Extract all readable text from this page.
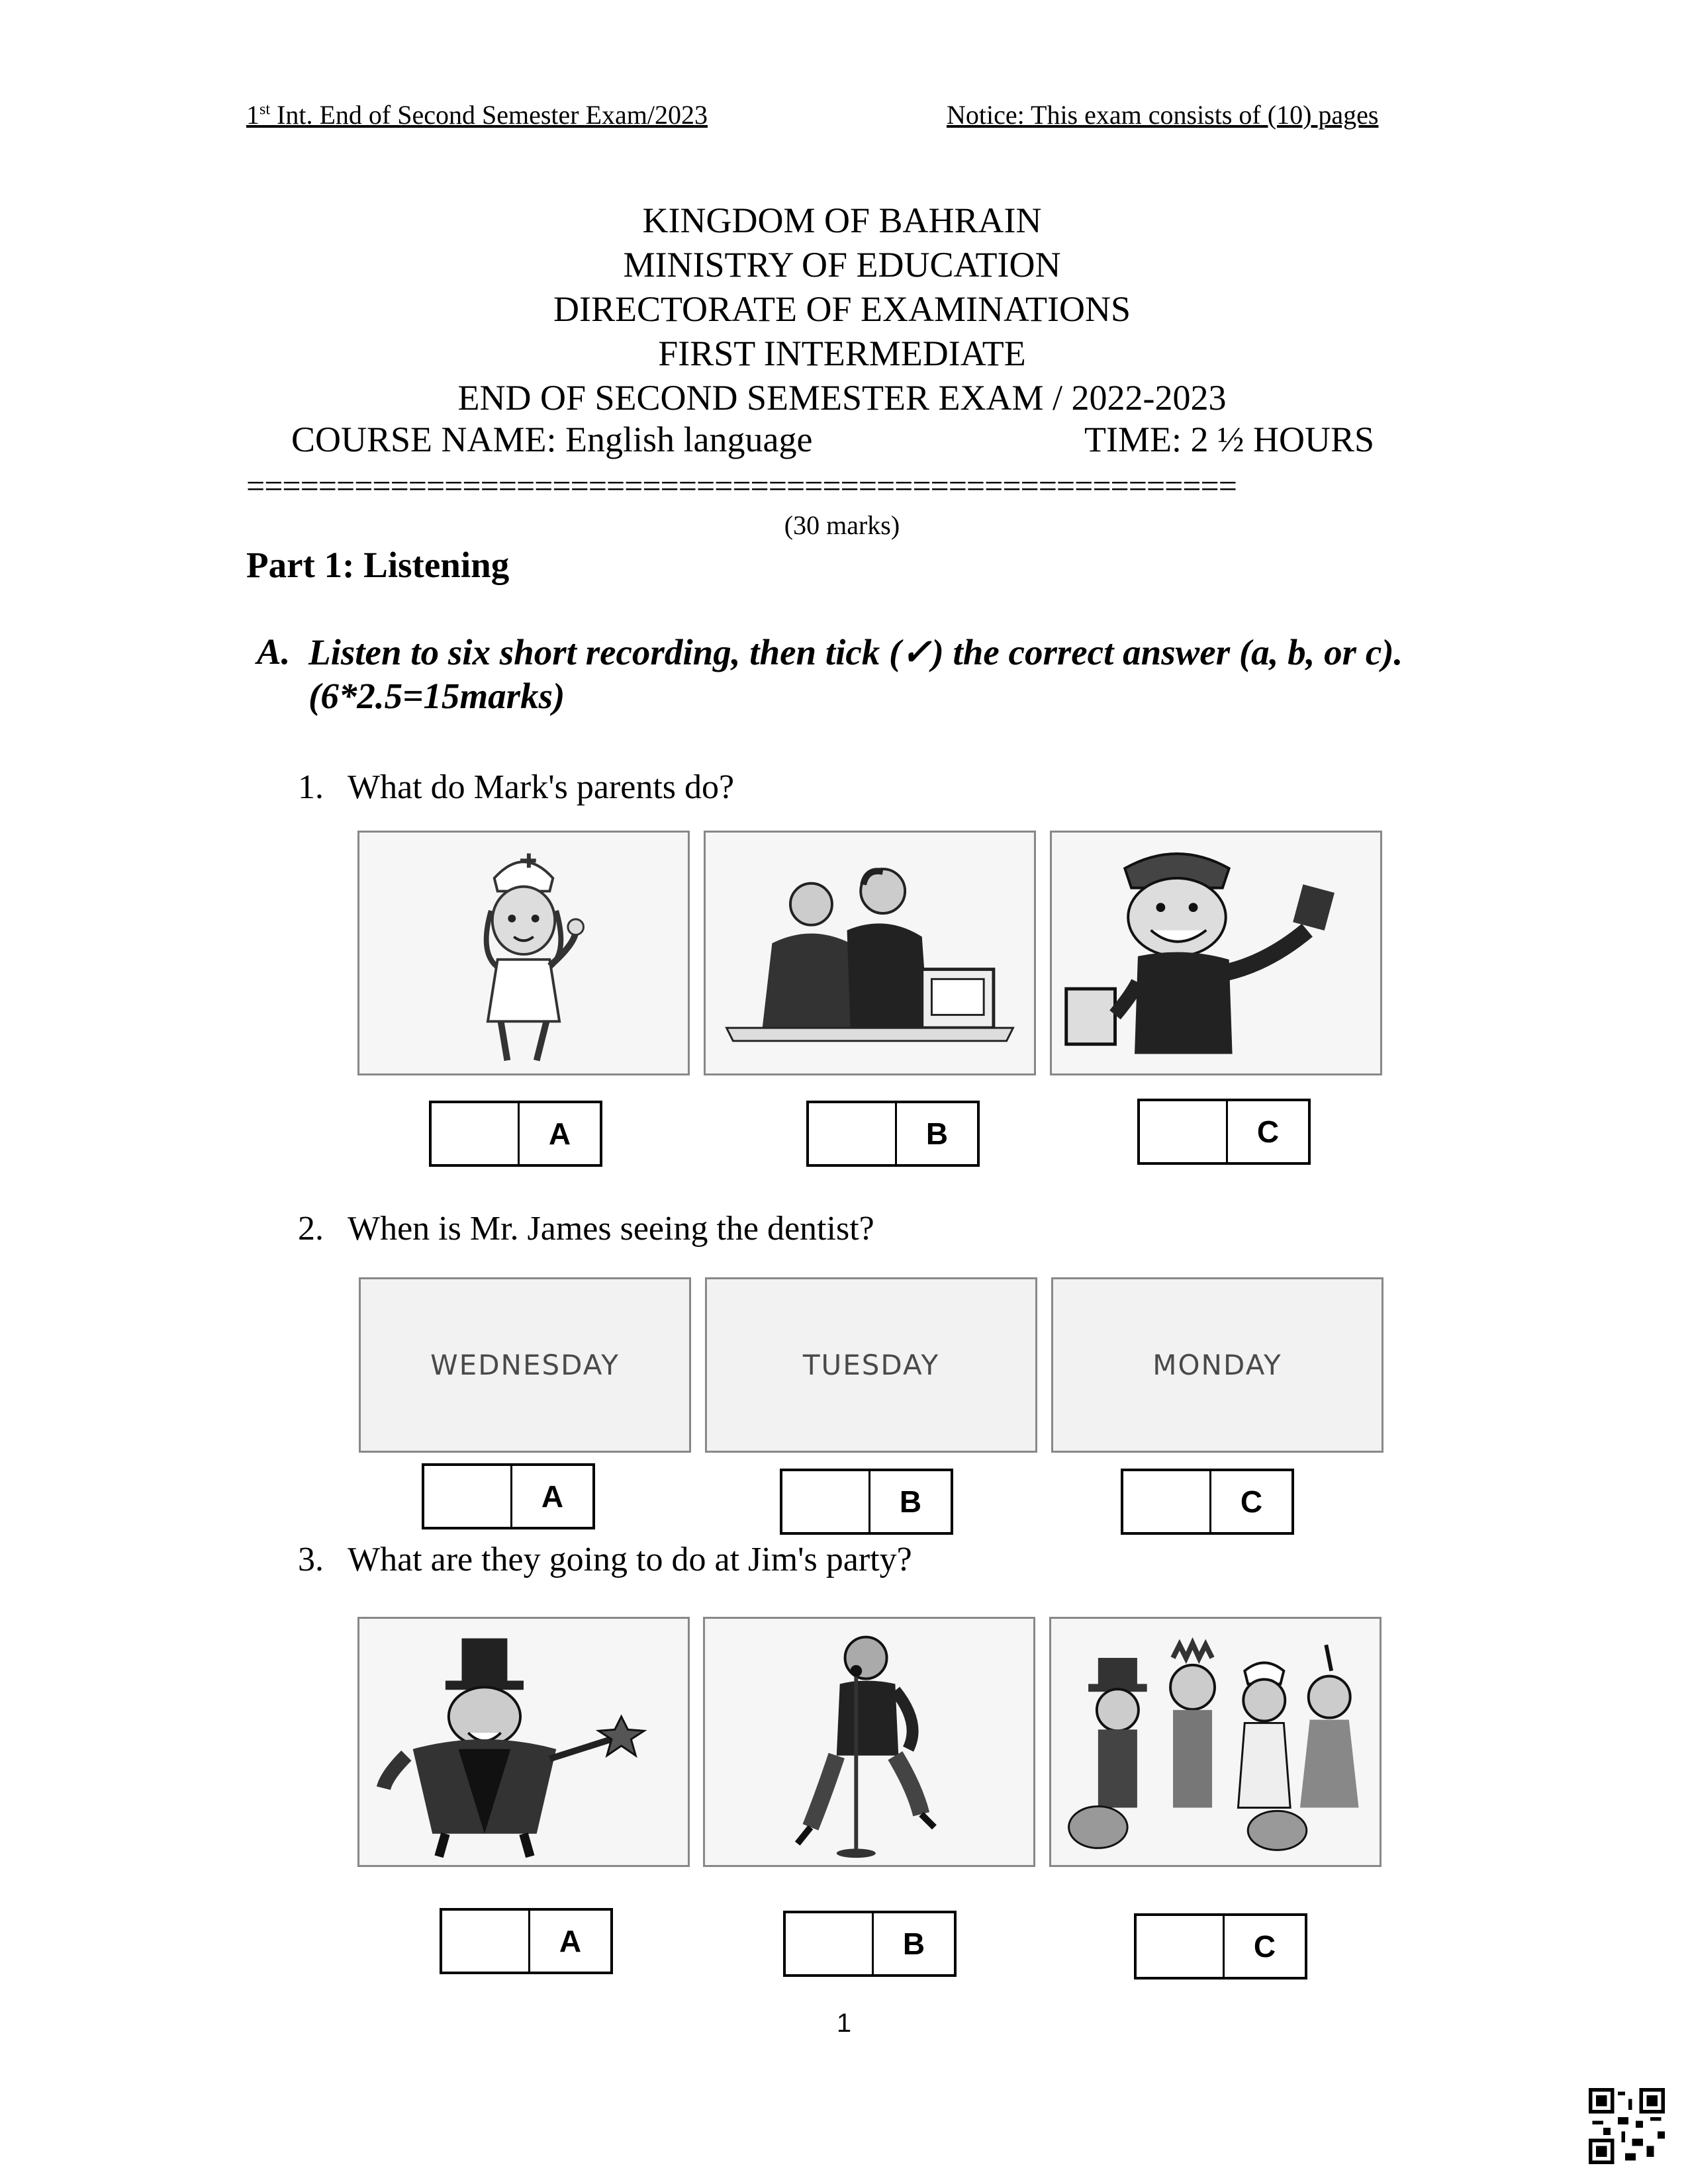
1st Int. End of Second Semester Exam/2023	Notice: This exam consists of (10) pages
KINGDOM OF BAHRAIN
MINISTRY OF EDUCATION
DIRECTORATE OF EXAMINATIONS
FIRST INTERMEDIATE
END OF SECOND SEMESTER EXAM / 2022-2023
COURSE NAME: English language	TIME: 2 ½ HOURS
=======================================================
(30 marks)
Part 1: Listening
A. Listen to six short recording, then tick (✓) the correct answer (a, b, or c). (6*2.5=15marks)
1. What do Mark's parents do?
A	B	C
2. When is Mr. James seeing the dentist?
WEDNESDAY	TUESDAY	MONDAY
A	B	C
3. What are they going to do at Jim's party?
A	B	C
1
